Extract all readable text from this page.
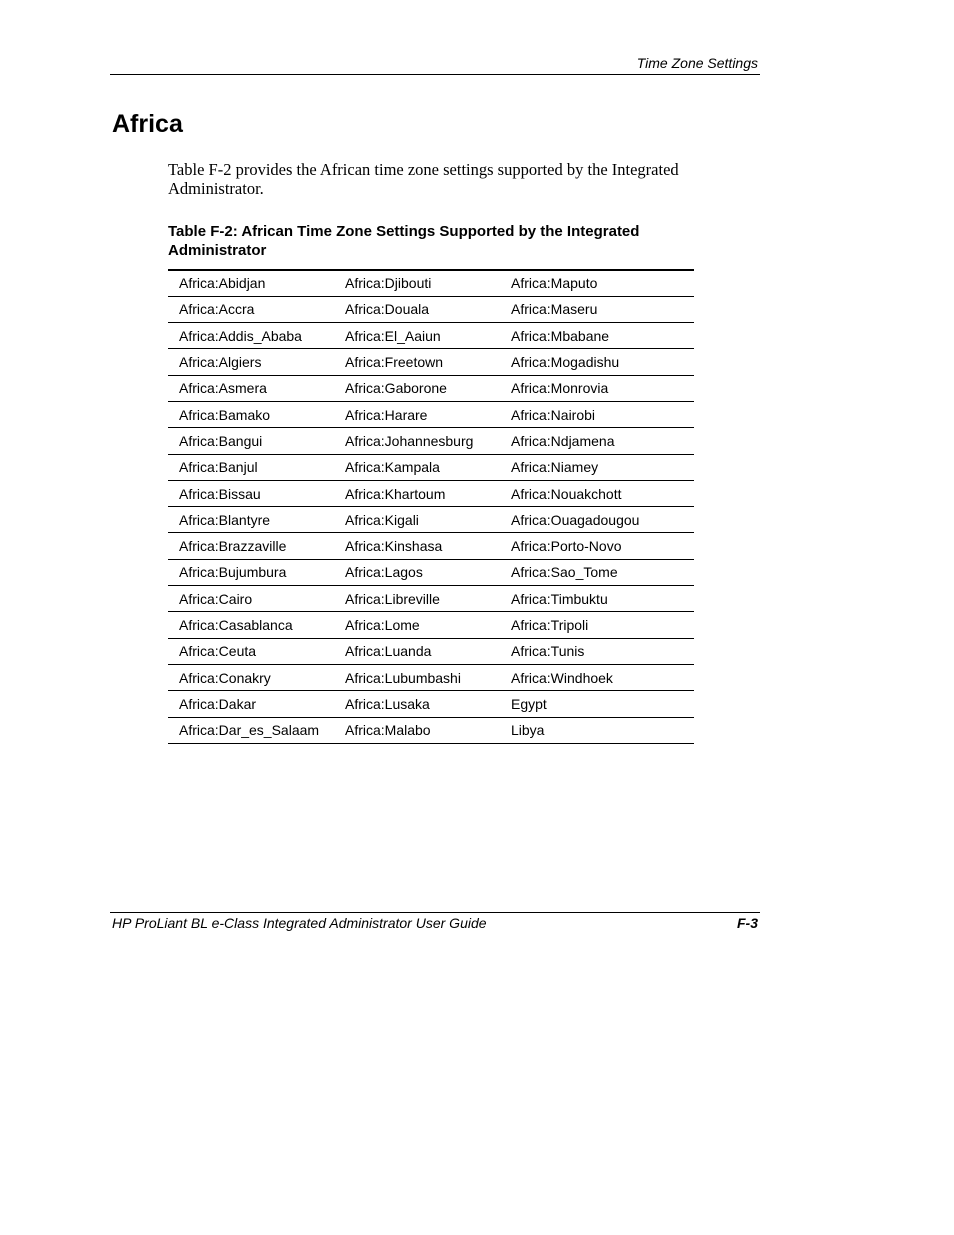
Time Zone Settings
Africa

Table F-2 provides the African time zone settings supported by the Integrated Administrator.

Table F-2: African Time Zone Settings Supported by the Integrated Administrator

Africa:Abidjan	Africa:Djibouti	Africa:Maputo
Africa:Accra	Africa:Douala	Africa:Maseru
Africa:Addis_Ababa	Africa:El_Aaiun	Africa:Mbabane
Africa:Algiers	Africa:Freetown	Africa:Mogadishu
Africa:Asmera	Africa:Gaborone	Africa:Monrovia
Africa:Bamako	Africa:Harare	Africa:Nairobi
Africa:Bangui	Africa:Johannesburg	Africa:Ndjamena
Africa:Banjul	Africa:Kampala	Africa:Niamey
Africa:Bissau	Africa:Khartoum	Africa:Nouakchott
Africa:Blantyre	Africa:Kigali	Africa:Ouagadougou
Africa:Brazzaville	Africa:Kinshasa	Africa:Porto-Novo
Africa:Bujumbura	Africa:Lagos	Africa:Sao_Tome
Africa:Cairo	Africa:Libreville	Africa:Timbuktu
Africa:Casablanca	Africa:Lome	Africa:Tripoli
Africa:Ceuta	Africa:Luanda	Africa:Tunis
Africa:Conakry	Africa:Lubumbashi	Africa:Windhoek
Africa:Dakar	Africa:Lusaka	Egypt
Africa:Dar_es_Salaam	Africa:Malabo	Libya
HP ProLiant BL e-Class Integrated Administrator User Guide	F-3
